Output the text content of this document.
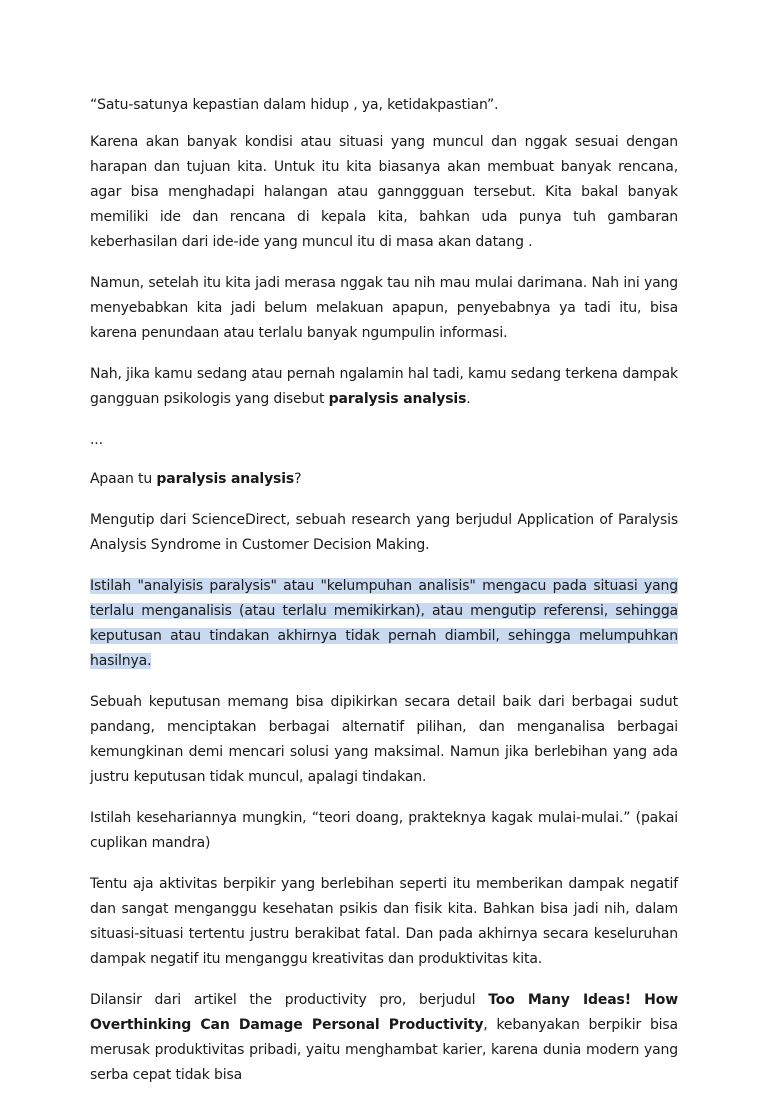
“Satu-satunya kepastian dalam hidup , ya, ketidakpastian”.

Karena akan banyak kondisi atau situasi yang muncul dan nggak sesuai dengan harapan dan tujuan kita. Untuk itu kita biasanya akan membuat banyak rencana, agar bisa menghadapi halangan atau gannggguan tersebut. Kita bakal banyak memiliki ide dan rencana di kepala kita, bahkan uda punya tuh gambaran keberhasilan dari ide-ide yang muncul itu di masa akan datang .

Namun, setelah itu kita jadi merasa nggak tau nih mau mulai darimana. Nah ini yang menyebabkan kita jadi belum melakuan apapun, penyebabnya ya tadi itu, bisa karena penundaan atau terlalu banyak ngumpulin informasi.

Nah, jika kamu sedang atau pernah ngalamin hal tadi, kamu sedang terkena dampak gangguan psikologis yang disebut paralysis analysis.

...

Apaan tu paralysis analysis?

Mengutip dari ScienceDirect, sebuah research yang berjudul Application of Paralysis Analysis Syndrome in Customer Decision Making.

Istilah "analyisis paralysis" atau "kelumpuhan analisis" mengacu pada situasi yang terlalu menganalisis (atau terlalu memikirkan), atau mengutip referensi, sehingga keputusan atau tindakan akhirnya tidak pernah diambil, sehingga melumpuhkan hasilnya.

Sebuah keputusan memang bisa dipikirkan secara detail baik dari berbagai sudut pandang, menciptakan berbagai alternatif pilihan, dan menganalisa berbagai kemungkinan demi mencari solusi yang maksimal. Namun jika berlebihan yang ada justru keputusan tidak muncul, apalagi tindakan.

Istilah kesehariannya mungkin, “teori doang, prakteknya kagak mulai-mulai.” (pakai cuplikan mandra)

Tentu aja aktivitas berpikir yang berlebihan seperti itu memberikan dampak negatif dan sangat menganggu kesehatan psikis dan fisik kita. Bahkan bisa jadi nih, dalam situasi-situasi tertentu justru berakibat fatal. Dan pada akhirnya secara keseluruhan dampak negatif itu menganggu kreativitas dan produktivitas kita.

Dilansir dari artikel the productivity pro, berjudul Too Many Ideas! How Overthinking Can Damage Personal Productivity, kebanyakan berpikir bisa merusak produktivitas pribadi, yaitu menghambat karier, karena dunia modern yang serba cepat tidak bisa
